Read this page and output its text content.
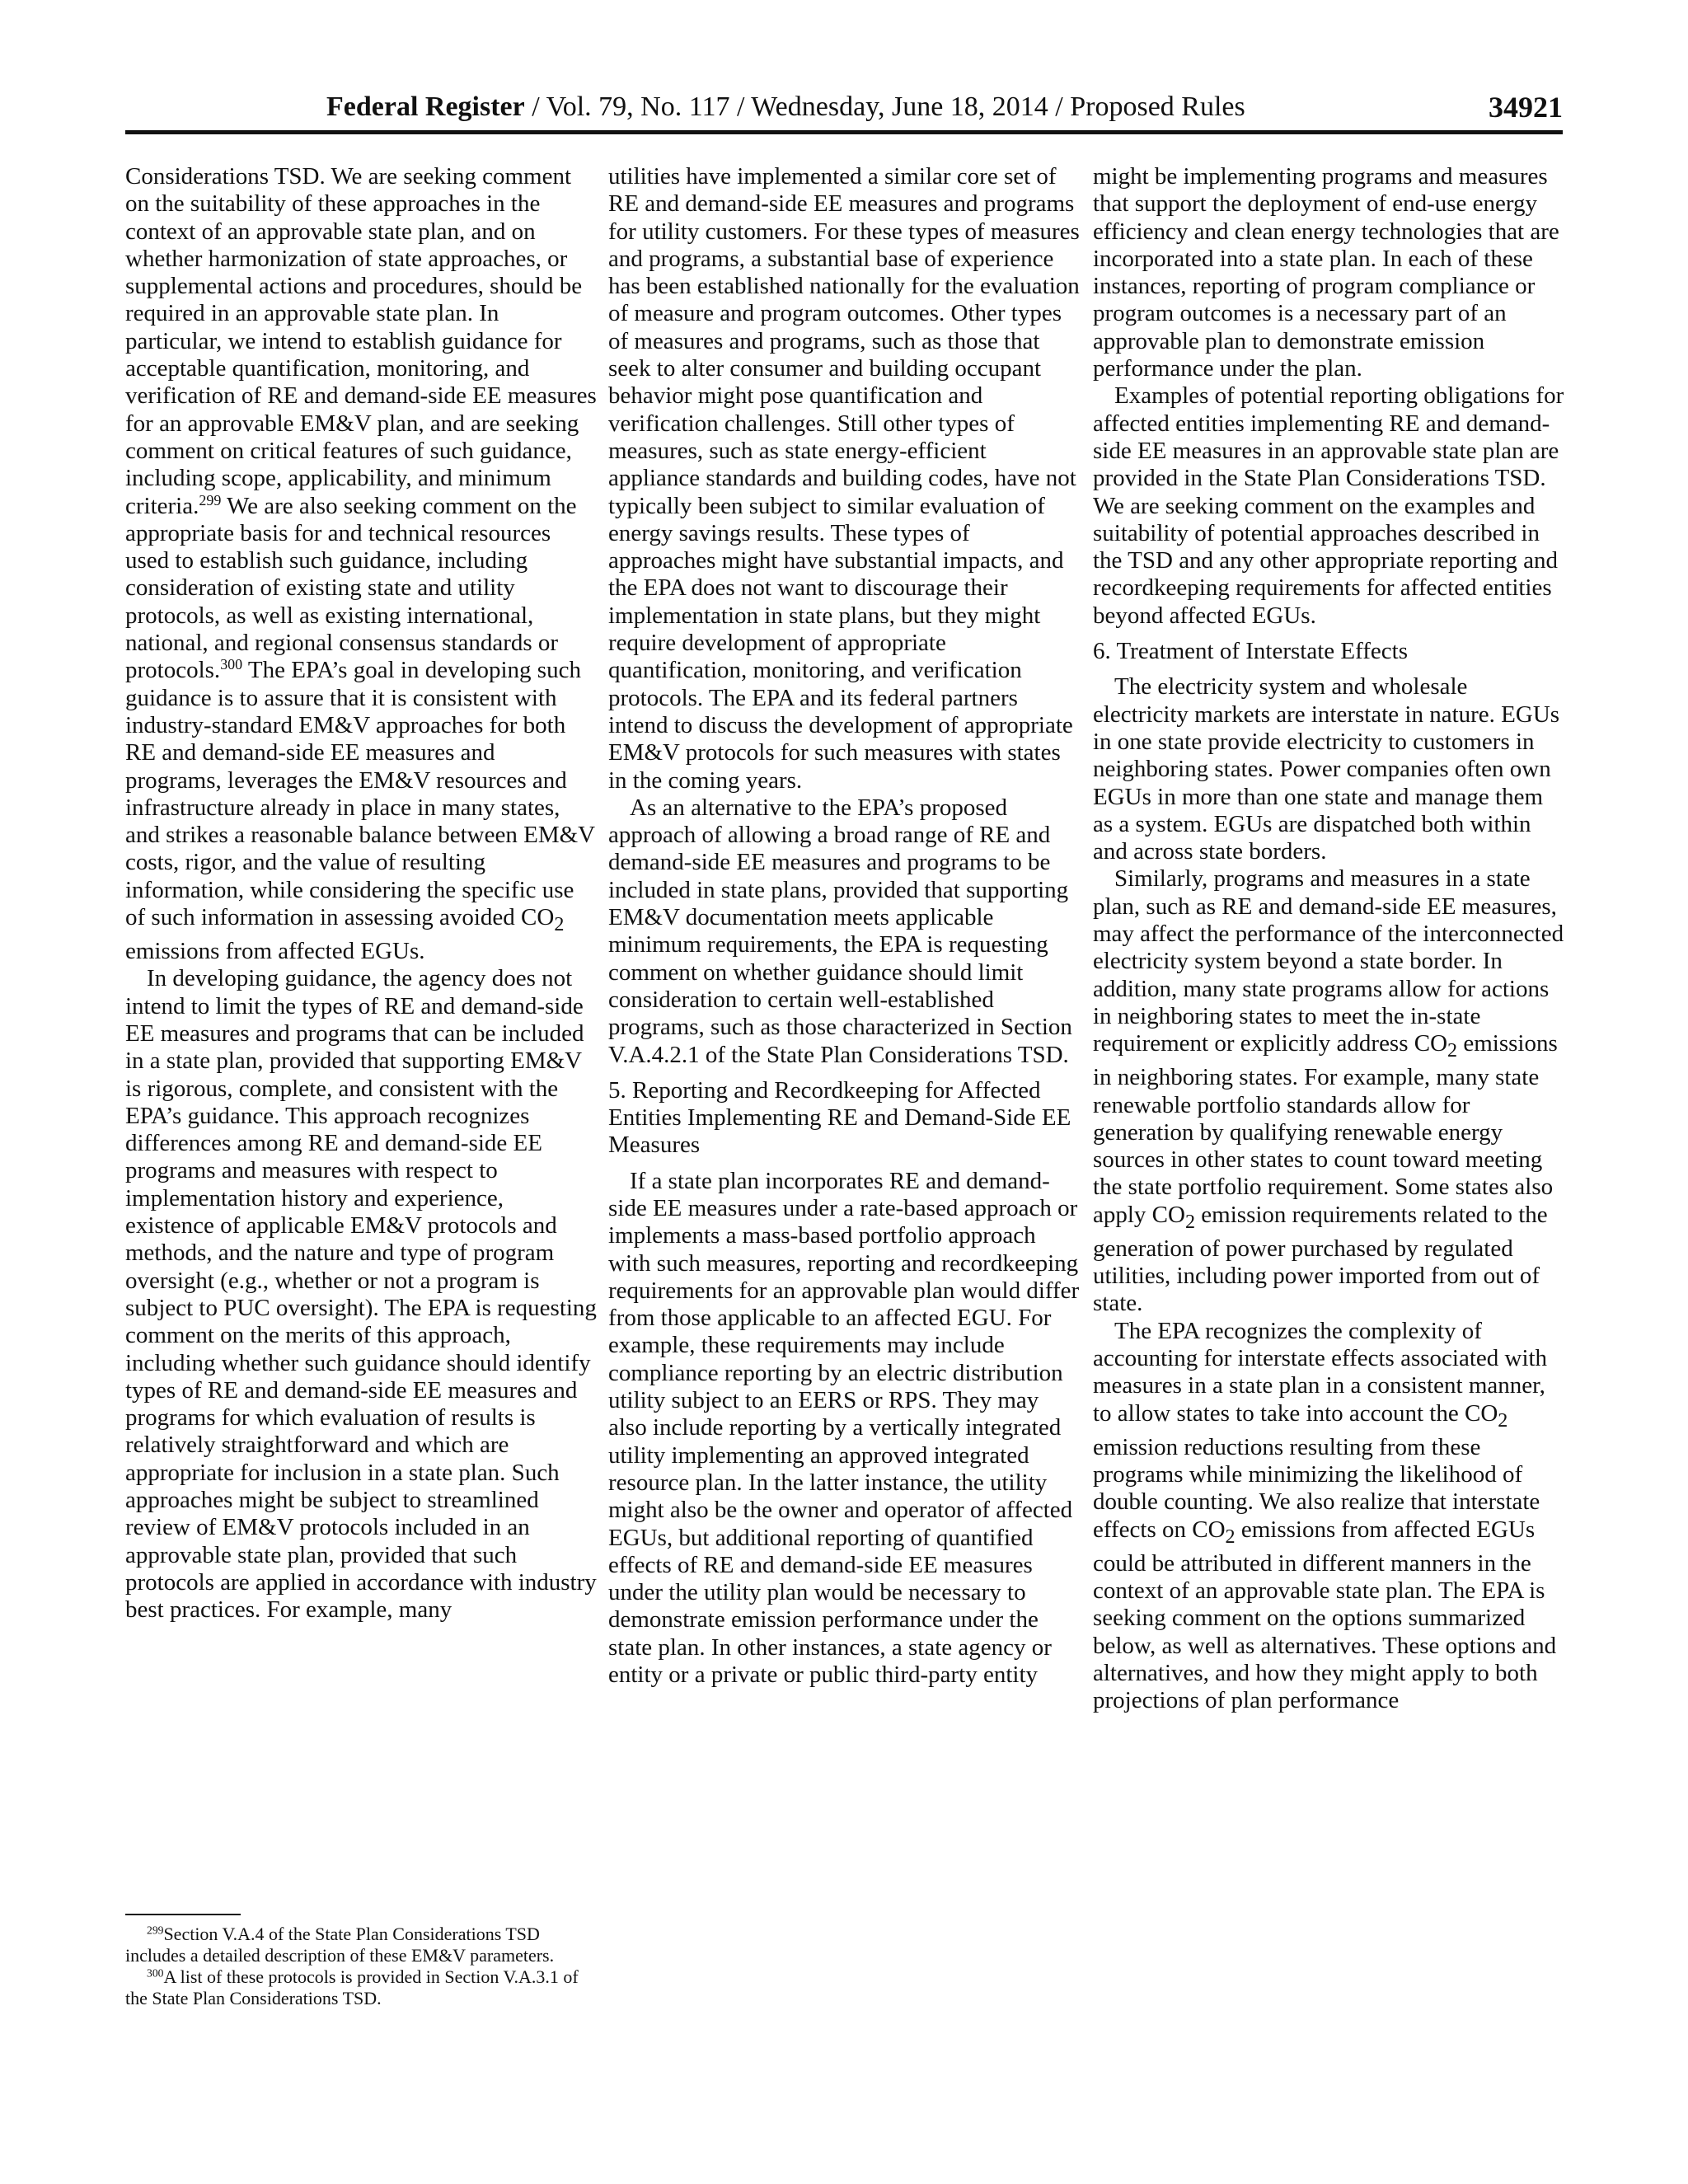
Federal Register / Vol. 79, No. 117 / Wednesday, June 18, 2014 / Proposed Rules	34921

Considerations TSD. We are seeking comment on the suitability of these approaches in the context of an approvable state plan, and on whether harmonization of state approaches, or supplemental actions and procedures, should be required in an approvable state plan. In particular, we intend to establish guidance for acceptable quantification, monitoring, and verification of RE and demand-side EE measures for an approvable EM&V plan, and are seeking comment on critical features of such guidance, including scope, applicability, and minimum criteria.$^{299}$ We are also seeking comment on the appropriate basis for and technical resources used to establish such guidance, including consideration of existing state and utility protocols, as well as existing international, national, and regional consensus standards or protocols.$^{300}$ The EPA’s goal in developing such guidance is to assure that it is consistent with industry-standard EM&V approaches for both RE and demand-side EE measures and programs, leverages the EM&V resources and infrastructure already in place in many states, and strikes a reasonable balance between EM&V costs, rigor, and the value of resulting information, while considering the specific use of such information in assessing avoided $CO_2$ emissions from affected EGUs.

In developing guidance, the agency does not intend to limit the types of RE and demand-side EE measures and programs that can be included in a state plan, provided that supporting EM&V is rigorous, complete, and consistent with the EPA’s guidance. This approach recognizes differences among RE and demand-side EE programs and measures with respect to implementation history and experience, existence of applicable EM&V protocols and methods, and the nature and type of program oversight (e.g., whether or not a program is subject to PUC oversight). The EPA is requesting comment on the merits of this approach, including whether such guidance should identify types of RE and demand-side EE measures and programs for which evaluation of results is relatively straightforward and which are appropriate for inclusion in a state plan. Such approaches might be subject to streamlined review of EM&V protocols included in an approvable state plan, provided that such protocols are applied in accordance with industry best practices. For example, many

$^{299}$Section V.A.4 of the State Plan Considerations TSD includes a detailed description of these EM&V parameters.

$^{300}$A list of these protocols is provided in Section V.A.3.1 of the State Plan Considerations TSD.

utilities have implemented a similar core set of RE and demand-side EE measures and programs for utility customers. For these types of measures and programs, a substantial base of experience has been established nationally for the evaluation of measure and program outcomes. Other types of measures and programs, such as those that seek to alter consumer and building occupant behavior might pose quantification and verification challenges. Still other types of measures, such as state energy-efficient appliance standards and building codes, have not typically been subject to similar evaluation of energy savings results. These types of approaches might have substantial impacts, and the EPA does not want to discourage their implementation in state plans, but they might require development of appropriate quantification, monitoring, and verification protocols. The EPA and its federal partners intend to discuss the development of appropriate EM&V protocols for such measures with states in the coming years.

As an alternative to the EPA’s proposed approach of allowing a broad range of RE and demand-side EE measures and programs to be included in state plans, provided that supporting EM&V documentation meets applicable minimum requirements, the EPA is requesting comment on whether guidance should limit consideration to certain well-established programs, such as those characterized in Section V.A.4.2.1 of the State Plan Considerations TSD.

5. Reporting and Recordkeeping for Affected Entities Implementing RE and Demand-Side EE Measures

If a state plan incorporates RE and demand-side EE measures under a rate-based approach or implements a mass-based portfolio approach with such measures, reporting and recordkeeping requirements for an approvable plan would differ from those applicable to an affected EGU. For example, these requirements may include compliance reporting by an electric distribution utility subject to an EERS or RPS. They may also include reporting by a vertically integrated utility implementing an approved integrated resource plan. In the latter instance, the utility might also be the owner and operator of affected EGUs, but additional reporting of quantified effects of RE and demand-side EE measures under the utility plan would be necessary to demonstrate emission performance under the state plan. In other instances, a state agency or entity or a private or public third-party entity

might be implementing programs and measures that support the deployment of end-use energy efficiency and clean energy technologies that are incorporated into a state plan. In each of these instances, reporting of program compliance or program outcomes is a necessary part of an approvable plan to demonstrate emission performance under the plan.

Examples of potential reporting obligations for affected entities implementing RE and demand-side EE measures in an approvable state plan are provided in the State Plan Considerations TSD. We are seeking comment on the examples and suitability of potential approaches described in the TSD and any other appropriate reporting and recordkeeping requirements for affected entities beyond affected EGUs.

6. Treatment of Interstate Effects

The electricity system and wholesale electricity markets are interstate in nature. EGUs in one state provide electricity to customers in neighboring states. Power companies often own EGUs in more than one state and manage them as a system. EGUs are dispatched both within and across state borders.

Similarly, programs and measures in a state plan, such as RE and demand-side EE measures, may affect the performance of the interconnected electricity system beyond a state border. In addition, many state programs allow for actions in neighboring states to meet the in-state requirement or explicitly address $CO_2$ emissions in neighboring states. For example, many state renewable portfolio standards allow for generation by qualifying renewable energy sources in other states to count toward meeting the state portfolio requirement. Some states also apply $CO_2$ emission requirements related to the generation of power purchased by regulated utilities, including power imported from out of state.

The EPA recognizes the complexity of accounting for interstate effects associated with measures in a state plan in a consistent manner, to allow states to take into account the $CO_2$ emission reductions resulting from these programs while minimizing the likelihood of double counting. We also realize that interstate effects on $CO_2$ emissions from affected EGUs could be attributed in different manners in the context of an approvable state plan. The EPA is seeking comment on the options summarized below, as well as alternatives. These options and alternatives, and how they might apply to both projections of plan performance
